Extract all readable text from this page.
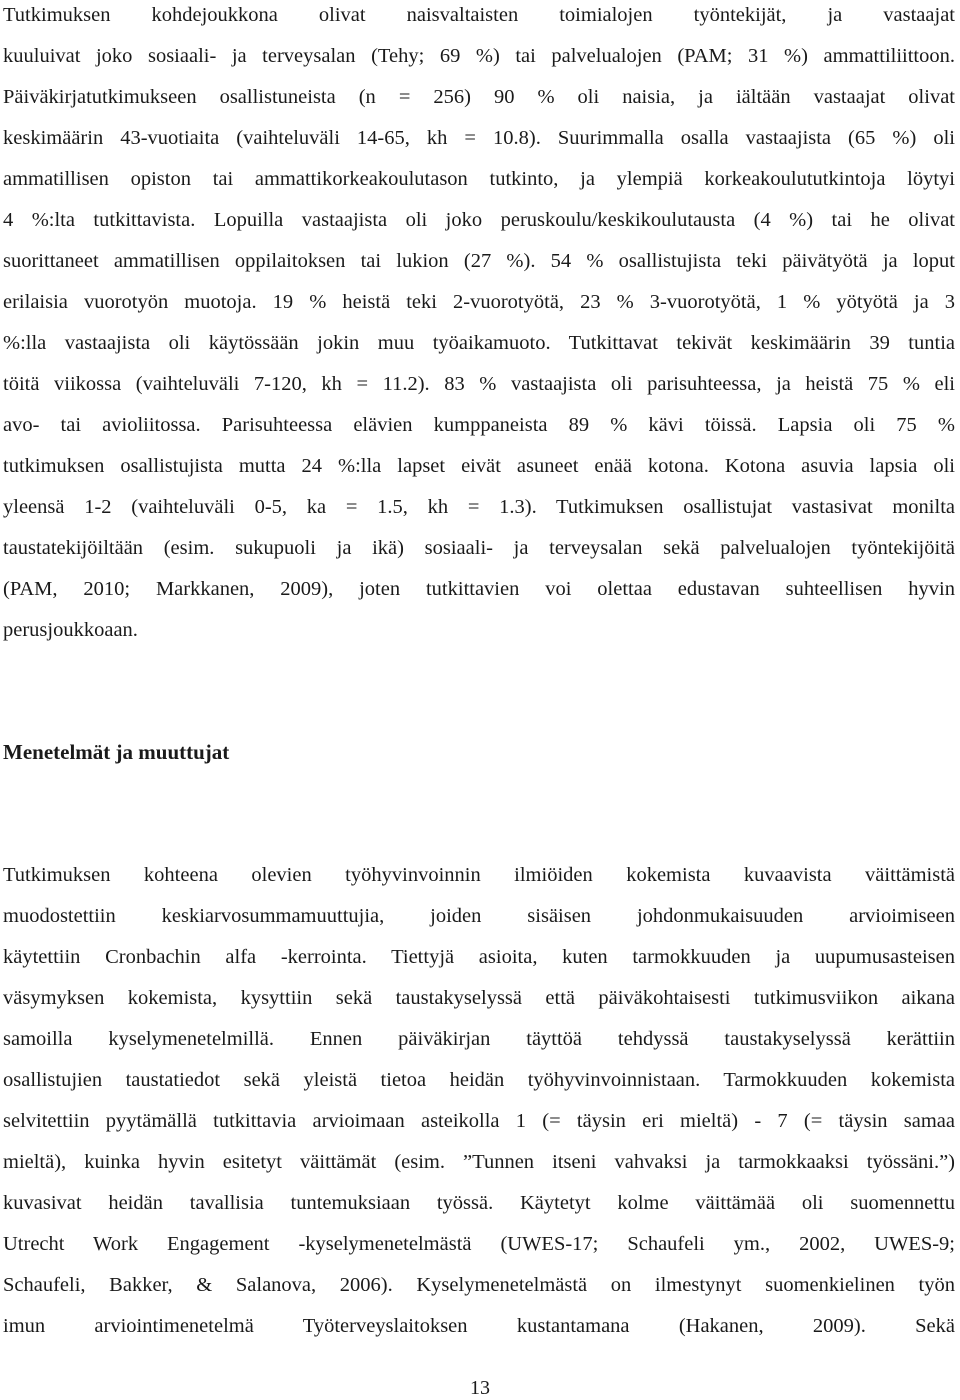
Tutkimuksen kohdejoukkona olivat naisvaltaisten toimialojen työntekijät, ja vastaajat
kuuluivat joko sosiaali- ja terveysalan (Tehy; 69 %) tai palvelualojen (PAM; 31 %) ammattiliittoon.
Päiväkirjatutkimukseen osallistuneista (n = 256) 90 % oli naisia, ja iältään vastaajat olivat
keskimäärin 43-vuotiaita (vaihteluväli 14-65, kh = 10.8). Suurimmalla osalla vastaajista (65 %) oli
ammatillisen opiston tai ammattikorkeakoulutason tutkinto, ja ylempiä korkeakoulututkintoja löytyi
4 %:lta tutkittavista. Lopuilla vastaajista oli joko peruskoulu/keskikoulutausta (4 %) tai he olivat
suorittaneet ammatillisen oppilaitoksen tai lukion (27 %). 54 % osallistujista teki päivätyötä ja loput
erilaisia vuorotyön muotoja. 19 % heistä teki 2-vuorotyötä, 23 % 3-vuorotyötä, 1 % yötyötä ja 3
%:lla vastaajista oli käytössään jokin muu työaikamuoto. Tutkittavat tekivät keskimäärin 39 tuntia
töitä viikossa (vaihteluväli 7-120, kh = 11.2). 83 % vastaajista oli parisuhteessa, ja heistä 75 % eli
avo- tai avioliitossa. Parisuhteessa elävien kumppaneista 89 % kävi töissä. Lapsia oli 75 %
tutkimuksen osallistujista mutta 24 %:lla lapset eivät asuneet enää kotona. Kotona asuvia lapsia oli
yleensä 1-2 (vaihteluväli 0-5, ka = 1.5, kh = 1.3). Tutkimuksen osallistujat vastasivat monilta
taustatekijöiltään (esim. sukupuoli ja ikä) sosiaali- ja terveysalan sekä palvelualojen työntekijöitä
(PAM, 2010; Markkanen, 2009), joten tutkittavien voi olettaa edustavan suhteellisen hyvin
perusjoukkoaan.
Menetelmät ja muuttujat
Tutkimuksen kohteena olevien työhyvinvoinnin ilmiöiden kokemista kuvaavista väittämistä
muodostettiin keskiarvosummamuuttujia, joiden sisäisen johdonmukaisuuden arvioimiseen
käytettiin Cronbachin alfa -kerrointa. Tiettyjä asioita, kuten tarmokkuuden ja uupumusasteisen
väsymyksen kokemista, kysyttiin sekä taustakyselyssä että päiväkohtaisesti tutkimusviikon aikana
samoilla kyselymenetelmillä. Ennen päiväkirjan täyttöä tehdyssä taustakyselyssä kerättiin
osallistujien taustatiedot sekä yleistä tietoa heidän työhyvinvoinnistaan. Tarmokkuuden kokemista
selvitettiin pyytämällä tutkittavia arvioimaan asteikolla 1 (= täysin eri mieltä) - 7 (= täysin samaa
mieltä), kuinka hyvin esitetyt väittämät (esim. ”Tunnen itseni vahvaksi ja tarmokkaaksi työssäni.”)
kuvasivat heidän tavallisia tuntemuksiaan työssä. Käytetyt kolme väittämää oli suomennettu
Utrecht Work Engagement -kyselymenetelmästä (UWES-17; Schaufeli ym., 2002, UWES-9;
Schaufeli, Bakker, & Salanova, 2006). Kyselymenetelmästä on ilmestynyt suomenkielinen työn
imun arviointimenetelmä Työterveyslaitoksen kustantamana (Hakanen, 2009). Sekä
13
